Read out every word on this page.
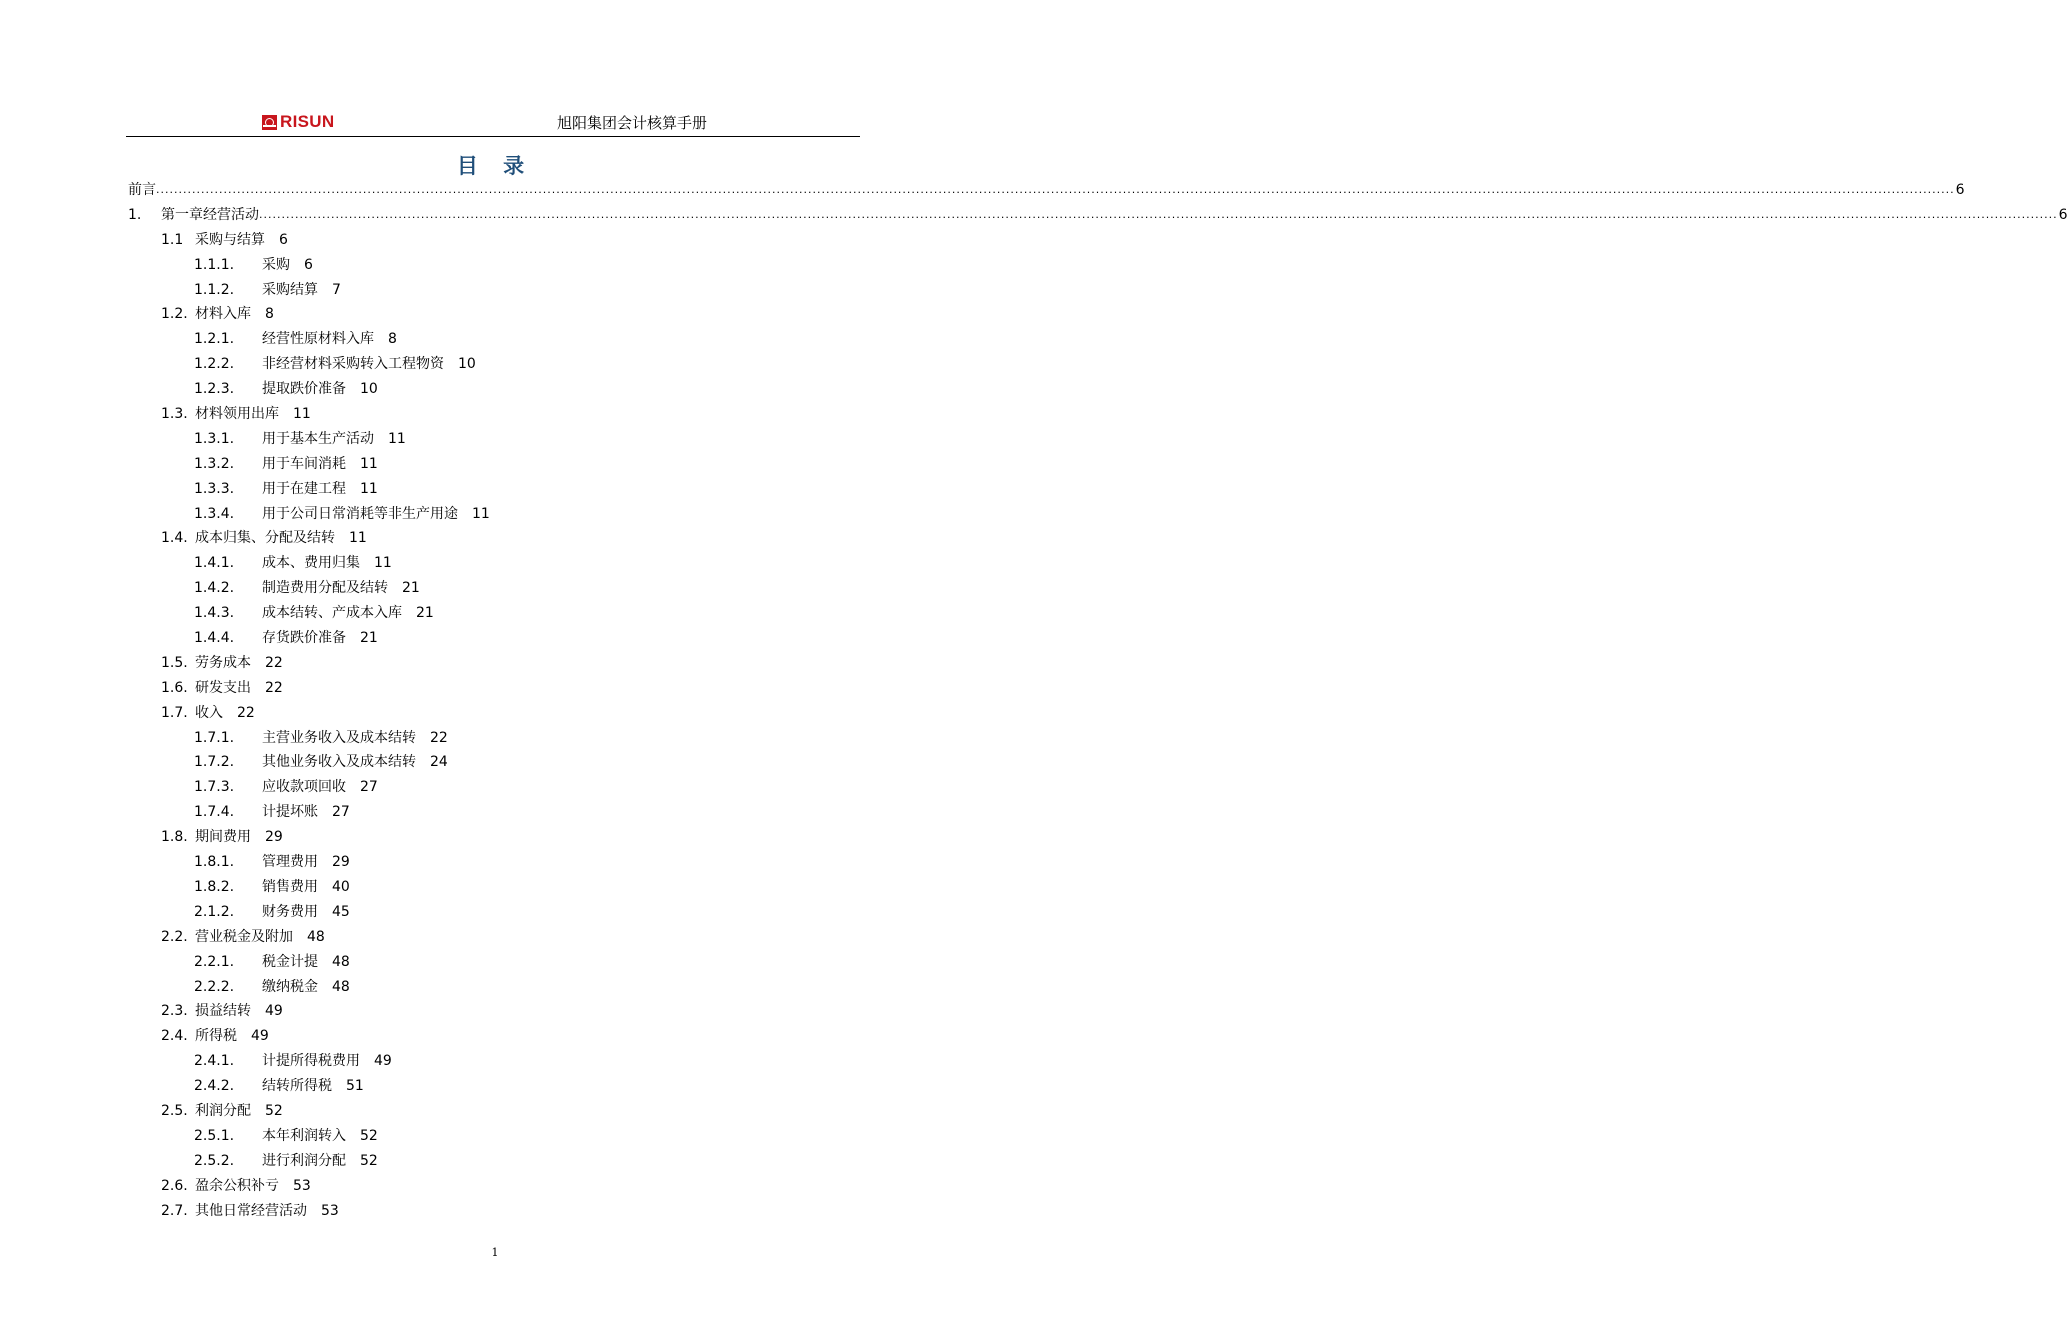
RISUN	旭阳集团会计核算手册
目 录
前言 ................................................................................................................................................................................................................................................................................................................................................................................................................ 6
1. 第一章经营活动 ................................................................................................................................................................................................................................................................................................................................................................................................................ 6
1.1 采购与结算 6
1.1.1. 采购 6
1.1.2. 采购结算 7
1.2. 材料入库 8
1.2.1. 经营性原材料入库 8
1.2.2. 非经营材料采购转入工程物资 10
1.2.3. 提取跌价准备 10
1.3. 材料领用出库 11
1.3.1. 用于基本生产活动 11
1.3.2. 用于车间消耗 11
1.3.3. 用于在建工程 11
1.3.4. 用于公司日常消耗等非生产用途 11
1.4. 成本归集、分配及结转 11
1.4.1. 成本、费用归集 11
1.4.2. 制造费用分配及结转 21
1.4.3. 成本结转、产成本入库 21
1.4.4. 存货跌价准备 21
1.5. 劳务成本 22
1.6. 研发支出 22
1.7. 收入 22
1.7.1. 主营业务收入及成本结转 22
1.7.2. 其他业务收入及成本结转 24
1.7.3. 应收款项回收 27
1.7.4. 计提坏账 27
1.8. 期间费用 29
1.8.1. 管理费用 29
1.8.2. 销售费用 40
2.1.2. 财务费用 45
2.2. 营业税金及附加 48
2.2.1. 税金计提 48
2.2.2. 缴纳税金 48
2.3. 损益结转 49
2.4. 所得税 49
2.4.1. 计提所得税费用 49
2.4.2. 结转所得税 51
2.5. 利润分配 52
2.5.1. 本年利润转入 52
2.5.2. 进行利润分配 52
2.6. 盈余公积补亏 53
2.7. 其他日常经营活动 53
1
